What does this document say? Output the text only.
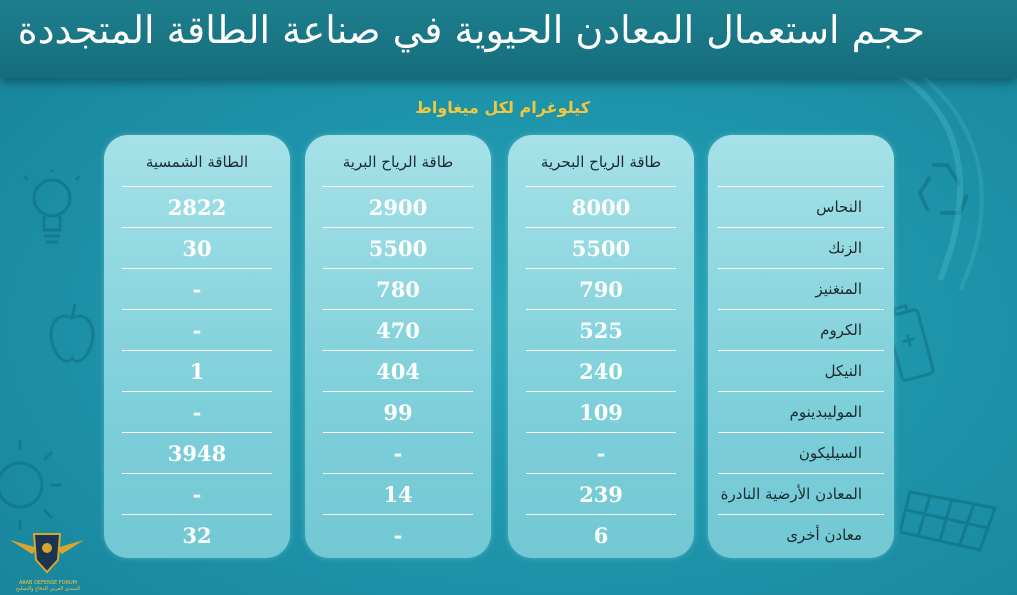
حجم استعمال المعادن الحيوية في صناعة الطاقة المتجددة
كيلوغرام لكل ميغاواط
الطاقة الشمسية
2822
30
-
-
1
-
3948
-
32
طاقة الرياح البرية
2900
5500
780
470
404
99
-
14
-
طاقة الرياح البحرية
8000
5500
790
525
240
109
-
239
6
النحاس
الزنك
المنغنيز
الكروم
النيكل
الموليبدينوم
السيليكون
المعادن الأرضية النادرة
معادن أخرى
ARAB DEFENSE FORUM
المنتدى العربي للدفاع والتسليح
